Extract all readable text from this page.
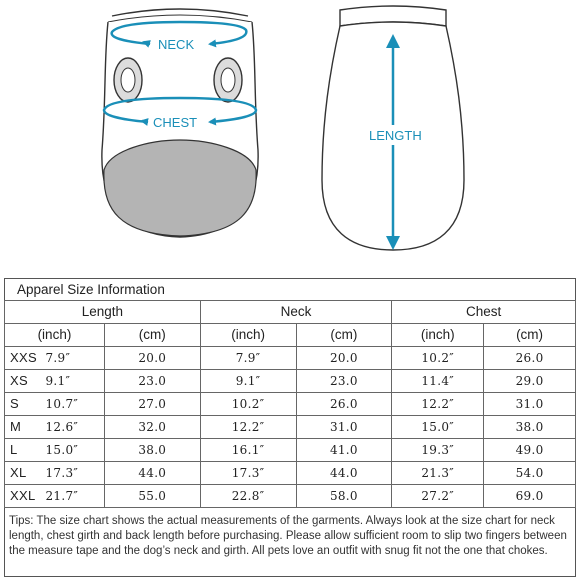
NECK
CHEST
LENGTH
Apparel Size Information
Length			Neck		Chest	
(inch)		(cm)	(inch)	(cm)	(inch)	(cm)
XXS	7.9″	20.0	7.9″	20.0	10.2″	26.0
XS	9.1″	23.0	9.1″	23.0	11.4″	29.0
S	10.7″	27.0	10.2″	26.0	12.2″	31.0
M	12.6″	32.0	12.2″	31.0	15.0″	38.0
L	15.0″	38.0	16.1″	41.0	19.3″	49.0
XL	17.3″	44.0	17.3″	44.0	21.3″	54.0
XXL	21.7″	55.0	22.8″	58.0	27.2″	69.0
Tips: The size chart shows the actual measurements of the garments. Always look at the size chart for neck length, chest girth and back length before purchasing. Please allow sufficient room to slip two fingers between the measure tape and the dog’s neck and girth. All pets love an outfit with snug fit not the one that chokes.
